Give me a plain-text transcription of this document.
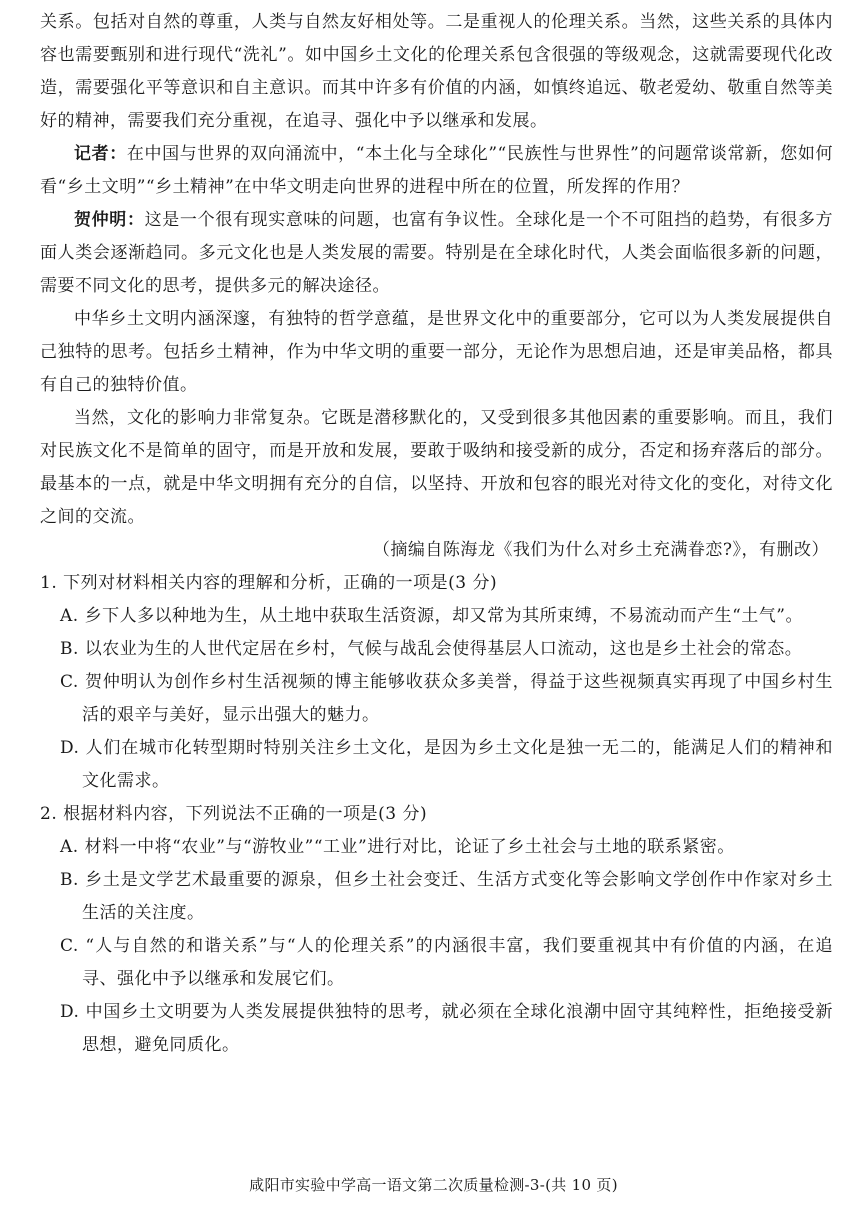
关系。包括对自然的尊重，人类与自然友好相处等。二是重视人的伦理关系。当然，这些关系的具体内容也需要甄别和进行现代“洗礼”。如中国乡土文化的伦理关系包含很强的等级观念，这就需要现代化改造，需要强化平等意识和自主意识。而其中许多有价值的内涵，如慎终追远、敬老爱幼、敬重自然等美好的精神，需要我们充分重视，在追寻、强化中予以继承和发展。

记者：在中国与世界的双向涌流中，“本土化与全球化”“民族性与世界性”的问题常谈常新，您如何看“乡土文明”“乡土精神”在中华文明走向世界的进程中所在的位置，所发挥的作用？

贺仲明：这是一个很有现实意味的问题，也富有争议性。全球化是一个不可阻挡的趋势，有很多方面人类会逐渐趋同。多元文化也是人类发展的需要。特别是在全球化时代，人类会面临很多新的问题，需要不同文化的思考，提供多元的解决途径。

中华乡土文明内涵深邃，有独特的哲学意蕴，是世界文化中的重要部分，它可以为人类发展提供自己独特的思考。包括乡土精神，作为中华文明的重要一部分，无论作为思想启迪，还是审美品格，都具有自己的独特价值。

当然，文化的影响力非常复杂。它既是潜移默化的，又受到很多其他因素的重要影响。而且，我们对民族文化不是简单的固守，而是开放和发展，要敢于吸纳和接受新的成分，否定和扬弃落后的部分。最基本的一点，就是中华文明拥有充分的自信，以坚持、开放和包容的眼光对待文化的变化，对待文化之间的交流。

（摘编自陈海龙《我们为什么对乡土充满眷恋?》，有删改）

1. 下列对材料相关内容的理解和分析，正确的一项是(3 分)

A. 乡下人多以种地为生，从土地中获取生活资源，却又常为其所束缚，不易流动而产生“土气”。

B. 以农业为生的人世代定居在乡村，气候与战乱会使得基层人口流动，这也是乡土社会的常态。

C. 贺仲明认为创作乡村生活视频的博主能够收获众多美誉，得益于这些视频真实再现了中国乡村生活的艰辛与美好，显示出强大的魅力。

D. 人们在城市化转型期时特别关注乡土文化，是因为乡土文化是独一无二的，能满足人们的精神和文化需求。

2. 根据材料内容，下列说法不正确的一项是(3 分)

A. 材料一中将“农业”与“游牧业”“工业”进行对比，论证了乡土社会与土地的联系紧密。

B. 乡土是文学艺术最重要的源泉，但乡土社会变迁、生活方式变化等会影响文学创作中作家对乡土生活的关注度。

C. “人与自然的和谐关系”与“人的伦理关系”的内涵很丰富，我们要重视其中有价值的内涵，在追寻、强化中予以继承和发展它们。

D. 中国乡土文明要为人类发展提供独特的思考，就必须在全球化浪潮中固守其纯粹性，拒绝接受新思想，避免同质化。

咸阳市实验中学高一语文第二次质量检测-3-(共 10 页)
